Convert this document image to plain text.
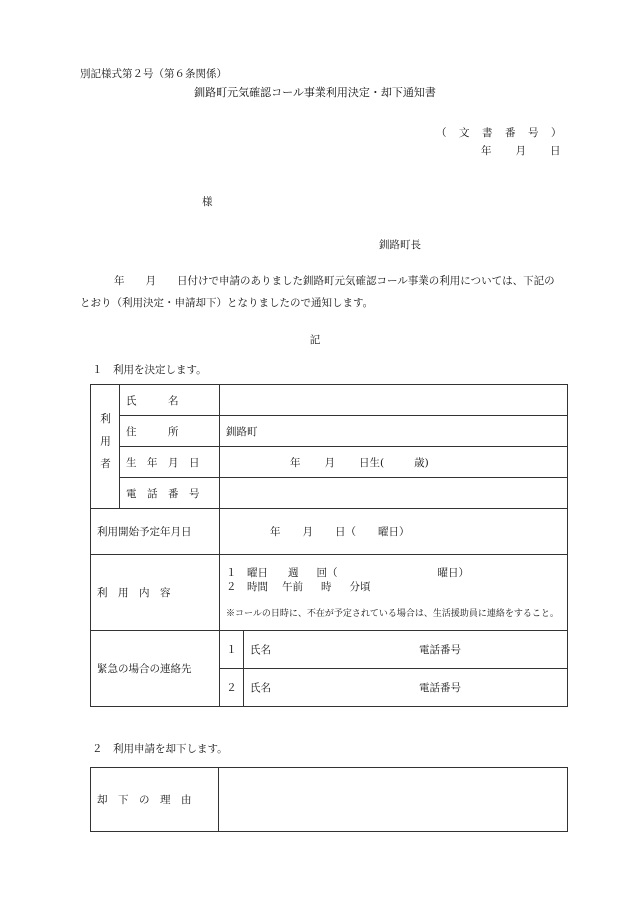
別記様式第２号（第６条関係）
釧路町元気確認コール事業利用決定・却下通知書
（　文　書　番　号　）
年 月 日
様
釧路町長
年　　月　　日付けで申請のありました釧路町元気確認コール事業の利用については、下記のとおり（利用決定・申請却下）となりましたので通知します。
記
１　利用を決定します。
利用者	氏　　　名		
	住　　　所	釧路町	
	生　年　月　日	年 月 日生( 歳)	
	電　話　番　号		
利用開始予定年月日		年 月 日（ 曜日）	
利　用　内　容		１　曜日 週 回（ 曜日）
２　時間 午前 時 分頃
※コールの日時に、不在が予定されている場合は、生活援助員に連絡をすること。	

緊急の場合の連絡先		１	氏名 電話番号
		２	氏名 電話番号
２　利用申請を却下します。
却　下　の　理　由	
